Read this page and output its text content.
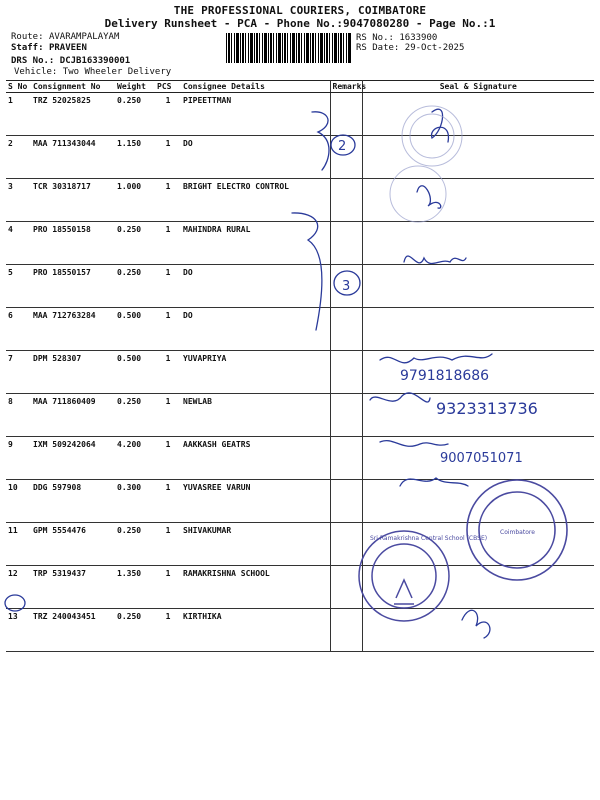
THE PROFESSIONAL COURIERS, COIMBATORE
Delivery Runsheet - PCA - Phone No.:9047080280 - Page No.:1
Route: AVARAMPALAYAM
Staff: PRAVEEN
DRS No.: DCJB163390001
Vehicle: Two Wheeler Delivery
RS No.: 1633900
RS Date: 29-Oct-2025
S No	Consignment No	Weight	PCS	Consignee Details	Remarks	Seal & Signature
1	TRZ 52025825	0.250	1	PIPEETTMAN		
2	MAA 711343044	1.150	1	DO		
3	TCR 30318717	1.000	1	BRIGHT ELECTRO CONTROL		
4	PRO 18550158	0.250	1	MAHINDRA RURAL		
5	PRO 18550157	0.250	1	DO		
6	MAA 712763284	0.500	1	DO		
7	DPM 528307	0.500	1	YUVAPRIYA		
8	MAA 711860409	0.250	1	NEWLAB		
9	IXM 509242064	4.200	1	AAKKASH GEATRS		
10	DDG 597908	0.300	1	YUVASREE VARUN		
11	GPM 5554476	0.250	1	SHIVAKUMAR		
12	TRP 5319437	1.350	1	RAMAKRISHNA SCHOOL		
13	TRZ 240043451	0.250	1	KIRTHIKA		
2
3
9791818686
9323313736
9007051071
Sri Ramakrishna Central School (CBSE)
Coimbatore
